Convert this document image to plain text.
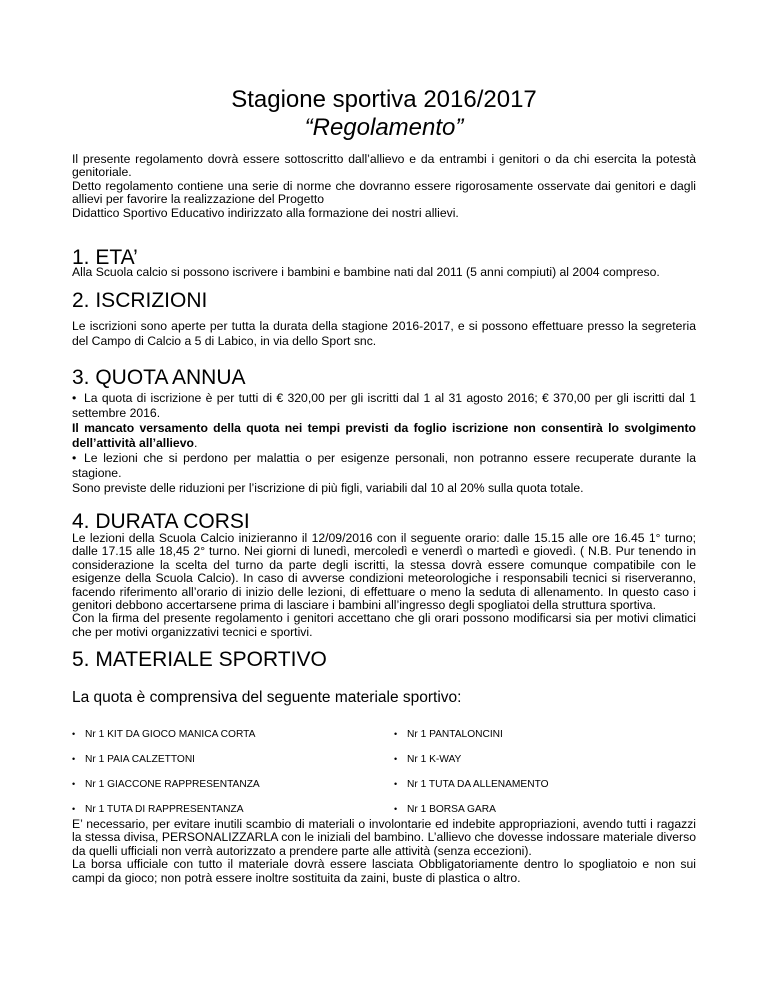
Stagione sportiva 2016/2017
“Regolamento”

Il presente regolamento dovrà essere sottoscritto dall’allievo e da entrambi i genitori o da chi esercita la potestà genitoriale.

Detto regolamento contiene una serie di norme che dovranno essere rigorosamente osservate dai genitori e dagli allievi per favorire la realizzazione del Progetto

Didattico Sportivo Educativo indirizzato alla formazione dei nostri allievi.

1. ETA’
Alla Scuola calcio si possono iscrivere i bambini e bambine nati dal 2011 (5 anni compiuti) al 2004 compreso.
2. ISCRIZIONI
Le iscrizioni sono aperte per tutta la durata della stagione 2016-2017, e si possono effettuare presso la segreteria del Campo di Calcio a 5 di Labico, in via dello Sport snc.
3. QUOTA ANNUA

• La quota di iscrizione è per tutti di € 320,00 per gli iscritti dal 1 al 31 agosto 2016; € 370,00 per gli iscritti dal 1 settembre 2016.

Il mancato versamento della quota nei tempi previsti da foglio iscrizione non consentirà lo svolgimento dell’attività all’allievo.

• Le lezioni che si perdono per malattia o per esigenze personali, non potranno essere recuperate durante la stagione.

Sono previste delle riduzioni per l’iscrizione di più figli, variabili dal 10 al 20% sulla quota totale.

4. DURATA CORSI

Le lezioni della Scuola Calcio inizieranno il 12/09/2016 con il seguente orario: dalle 15.15 alle ore 16.45 1° turno; dalle 17.15 alle 18,45 2° turno. Nei giorni di lunedì, mercoledì e venerdì o martedì e giovedì. ( N.B. Pur tenendo in considerazione la scelta del turno da parte degli iscritti, la stessa dovrà essere comunque compatibile con le esigenze della Scuola Calcio). In caso di avverse condizioni meteorologiche i responsabili tecnici si riserveranno, facendo riferimento all’orario di inizio delle lezioni, di effettuare o meno la seduta di allenamento. In questo caso i genitori debbono accertarsene prima di lasciare i bambini all’ingresso degli spogliatoi della struttura sportiva.

Con la firma del presente regolamento i genitori accettano che gli orari possono modificarsi sia per motivi climatici che per motivi organizzativi tecnici e sportivi.

5. MATERIALE SPORTIVO
La quota è comprensiva del seguente materiale sportivo:
• Nr 1 KIT DA GIOCO MANICA CORTA	• Nr 1 PANTALONCINI
• Nr 1 PAIA CALZETTONI	• Nr 1 K-WAY
• Nr 1 GIACCONE RAPPRESENTANZA	• Nr 1 TUTA DA ALLENAMENTO
• Nr 1 TUTA DI RAPPRESENTANZA	• Nr 1 BORSA GARA

E’ necessario, per evitare inutili scambio di materiali o involontarie ed indebite appropriazioni, avendo tutti i ragazzi la stessa divisa, PERSONALIZZARLA con le iniziali del bambino. L’allievo che dovesse indossare materiale diverso da quelli ufficiali non verrà autorizzato a prendere parte alle attività (senza eccezioni).

La borsa ufficiale con tutto il materiale dovrà essere lasciata Obbligatoriamente dentro lo spogliatoio e non sui campi da gioco; non potrà essere inoltre sostituita da zaini, buste di plastica o altro.
